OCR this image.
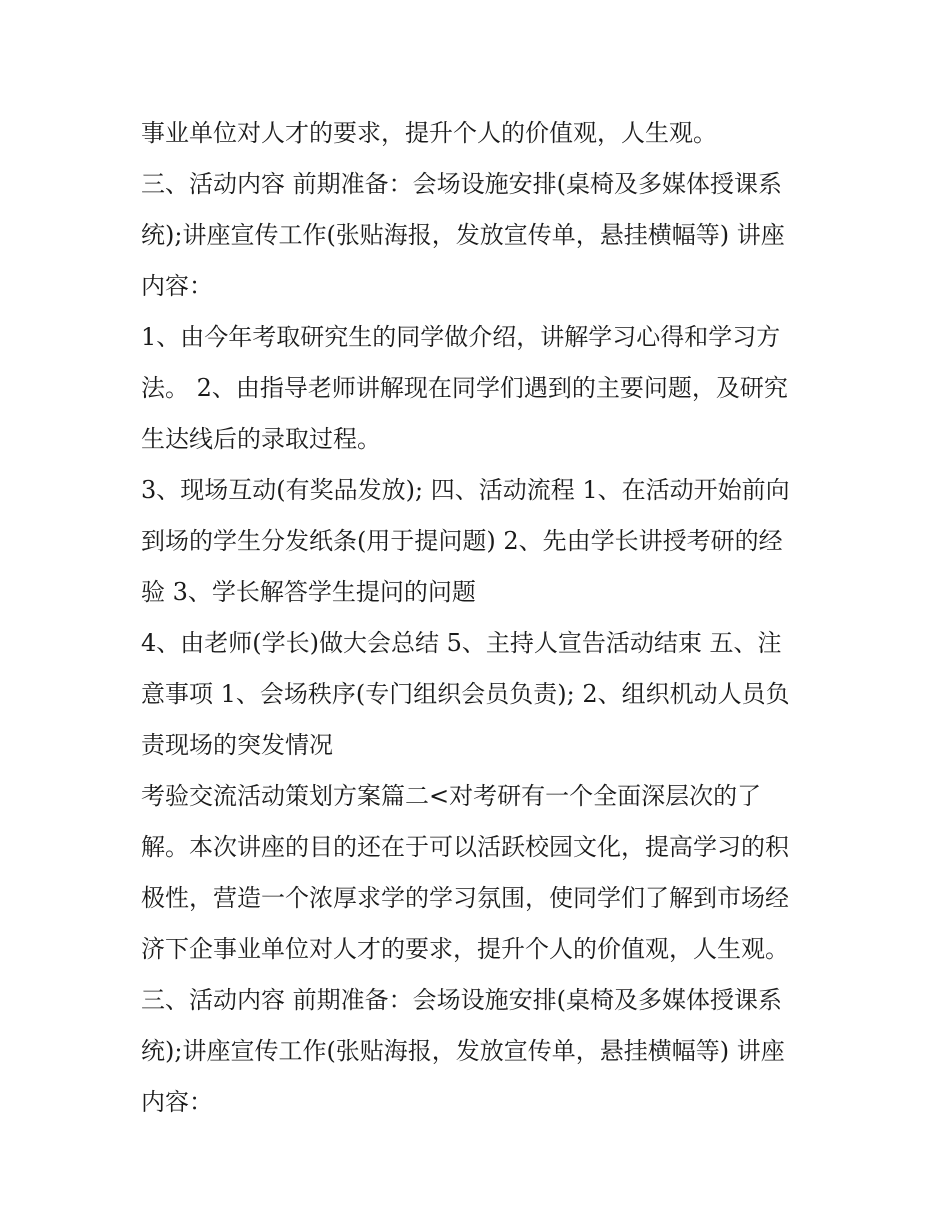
事业单位对人才的要求，提升个人的价值观，人生观。
三、活动内容 前期准备：会场设施安排(桌椅及多媒体授课系
统);讲座宣传工作(张贴海报，发放宣传单，悬挂横幅等) 讲座
内容：
1、由今年考取研究生的同学做介绍，讲解学习心得和学习方
法。 2、由指导老师讲解现在同学们遇到的主要问题，及研究
生达线后的录取过程。
3、现场互动(有奖品发放); 四、活动流程 1、在活动开始前向
到场的学生分发纸条(用于提问题) 2、先由学长讲授考研的经
验 3、学长解答学生提问的问题
4、由老师(学长)做大会总结 5、主持人宣告活动结束 五、注
意事项 1、会场秩序(专门组织会员负责); 2、组织机动人员负
责现场的突发情况
考验交流活动策划方案篇二<对考研有一个全面深层次的了
解。本次讲座的目的还在于可以活跃校园文化，提高学习的积
极性，营造一个浓厚求学的学习氛围，使同学们了解到市场经
济下企事业单位对人才的要求，提升个人的价值观，人生观。
三、活动内容 前期准备：会场设施安排(桌椅及多媒体授课系
统);讲座宣传工作(张贴海报，发放宣传单，悬挂横幅等) 讲座
内容：
